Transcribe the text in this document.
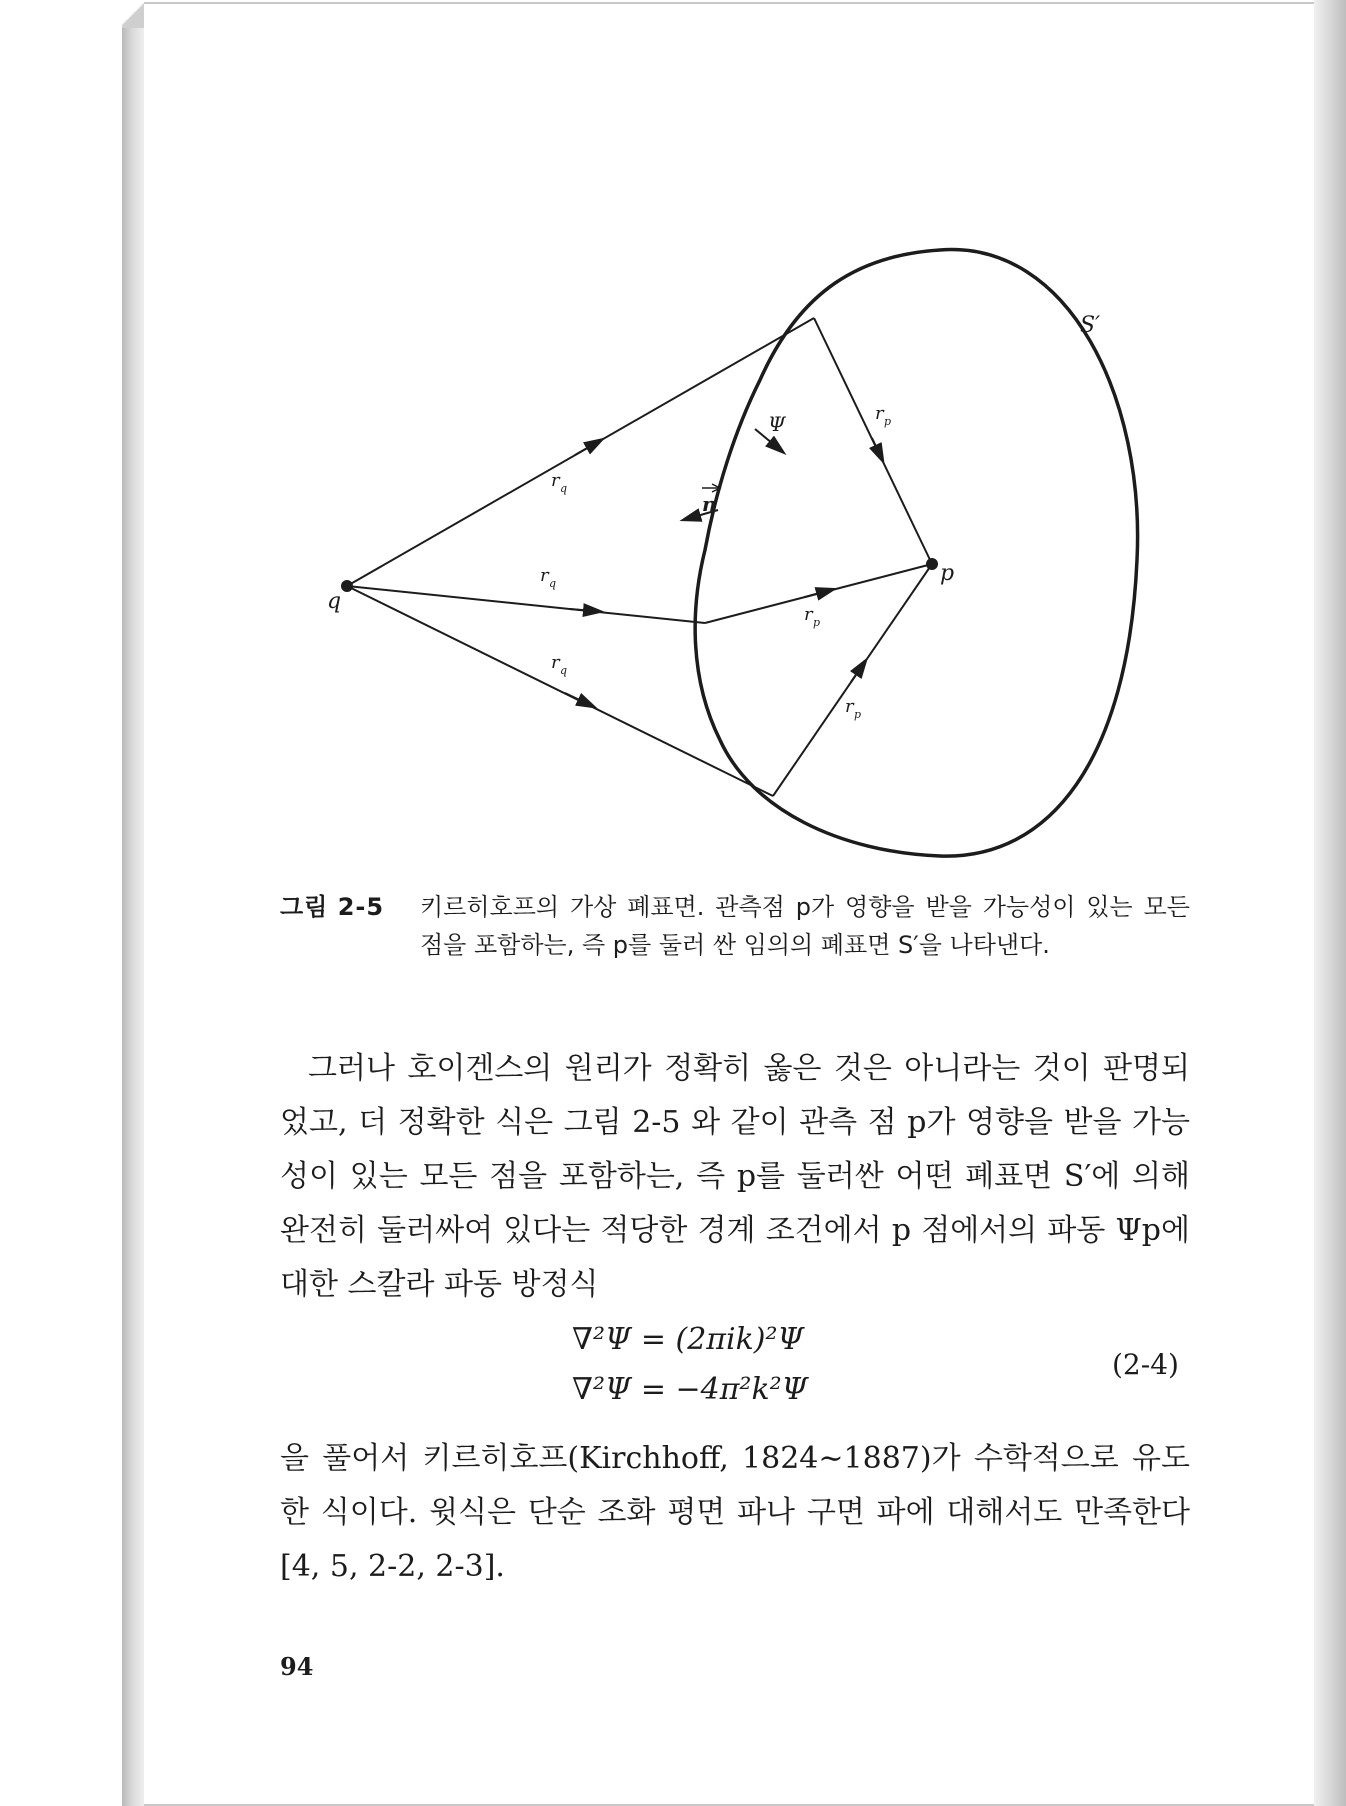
q
p
S′
Ψ
n
r q
r q
r q
r p
r p
r p
그림 2-5 키르히호프의 가상 폐표면. 관측점 p가 영향을 받을 가능성이 있는 모든 점을 포함하는, 즉 p를 둘러 싼 임의의 폐표면 S′을 나타낸다.

그러나 호이겐스의 원리가 정확히 옳은 것은 아니라는 것이 판명되었고, 더 정확한 식은 그림 2-5 와 같이 관측 점 p가 영향을 받을 가능성이 있는 모든 점을 포함하는, 즉 p를 둘러싼 어떤 폐표면 S′에 의해 완전히 둘러싸여 있다는 적당한 경계 조건에서 p 점에서의 파동 Ψp에 대한 스칼라 파동 방정식

∇²Ψ = (2πik)²Ψ
∇²Ψ = −4π²k²Ψ
(2-4)

을 풀어서 키르히호프(Kirchhoff, 1824∼1887)가 수학적으로 유도한 식이다. 윗식은 단순 조화 평면 파나 구면 파에 대해서도 만족한다[4, 5, 2-2, 2-3].

94
